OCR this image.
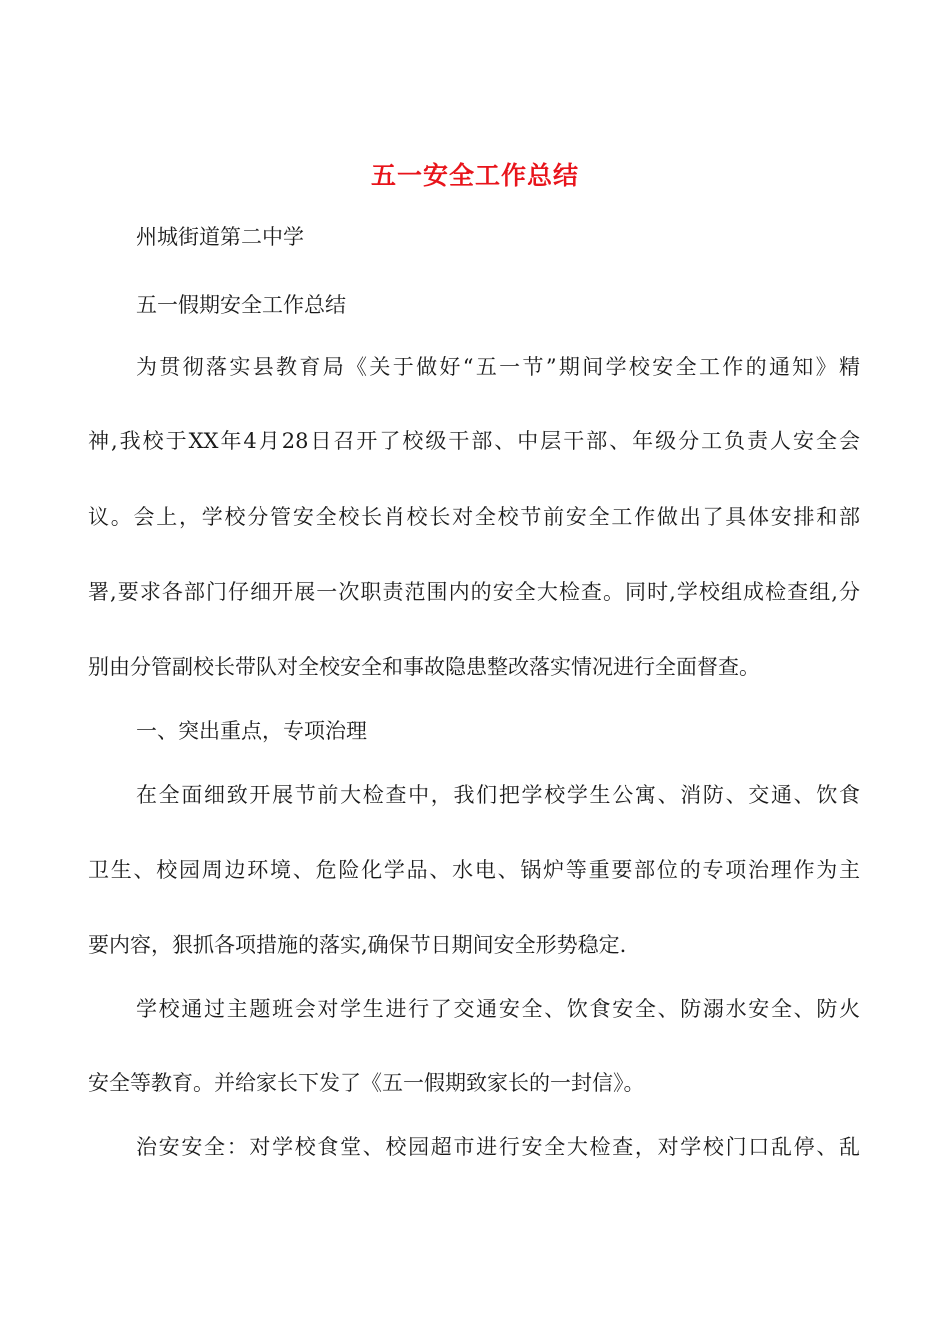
五一安全工作总结

州城街道第二中学

五一假期安全工作总结

为贯彻落实县教育局《关于做好“五一节”期间学校安全工作的通知》精

神,我校于XX年4月28日召开了校级干部、中层干部、年级分工负责人安全会

议。会上，学校分管安全校长肖校长对全校节前安全工作做出了具体安排和部

署,要求各部门仔细开展一次职责范围内的安全大检查。同时,学校组成检查组,分

别由分管副校长带队对全校安全和事故隐患整改落实情况进行全面督查。

一、突出重点，专项治理

在全面细致开展节前大检查中，我们把学校学生公寓、消防、交通、饮食

卫生、校园周边环境、危险化学品、水电、锅炉等重要部位的专项治理作为主

要内容，狠抓各项措施的落实,确保节日期间安全形势稳定.

学校通过主题班会对学生进行了交通安全、饮食安全、防溺水安全、防火

安全等教育。并给家长下发了《五一假期致家长的一封信》。

治安安全：对学校食堂、校园超市进行安全大检查，对学校门口乱停、乱
